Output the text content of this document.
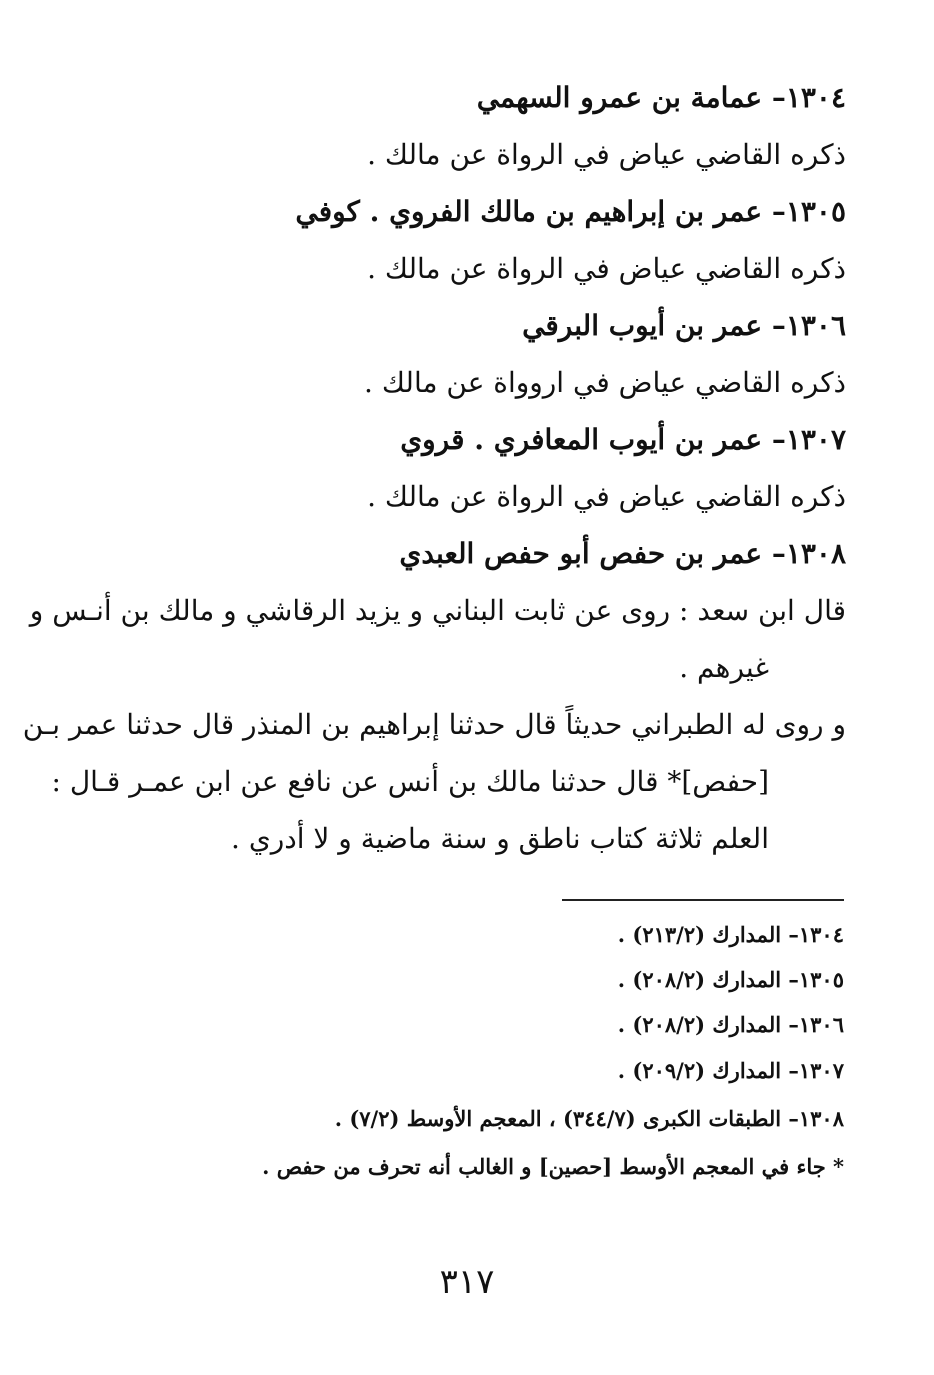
١٣٠٤– عمامة بن عمرو السهمي
ذكره القاضي عياض في الرواة عن مالك .
١٣٠٥– عمر بن إبراهيم بن مالك الفروي . كوفي
ذكره القاضي عياض في الرواة عن مالك .
١٣٠٦– عمر بن أيوب البرقي
ذكره القاضي عياض في اروواة عن مالك .
١٣٠٧– عمر بن أيوب المعافري . قروي
ذكره القاضي عياض في الرواة عن مالك .
١٣٠٨– عمر بن حفص أبو حفص العبدي
قال ابن سعد : روى عن ثابت البناني و يزيد الرقاشي و مالك بن أنـس و
غيرهم .
و روى له الطبراني حديثاً قال حدثنا إبراهيم بن المنذر قال حدثنا عمر بـن
[حفص]* قال حدثنا مالك بن أنس عن نافع عن ابن عمـر قـال :
العلم ثلاثة كتاب ناطق و سنة ماضية و لا أدري .
١٣٠٤– المدارك (٢١٣/٢) .
١٣٠٥– المدارك (٢٠٨/٢) .
١٣٠٦– المدارك (٢٠٨/٢) .
١٣٠٧– المدارك (٢٠٩/٢) .
١٣٠٨– الطبقات الكبرى (٣٤٤/٧) ، المعجم الأوسط (٧/٢) .
* جاء في المعجم الأوسط [حصين] و الغالب أنه تحرف من حفص .
٣١٧
